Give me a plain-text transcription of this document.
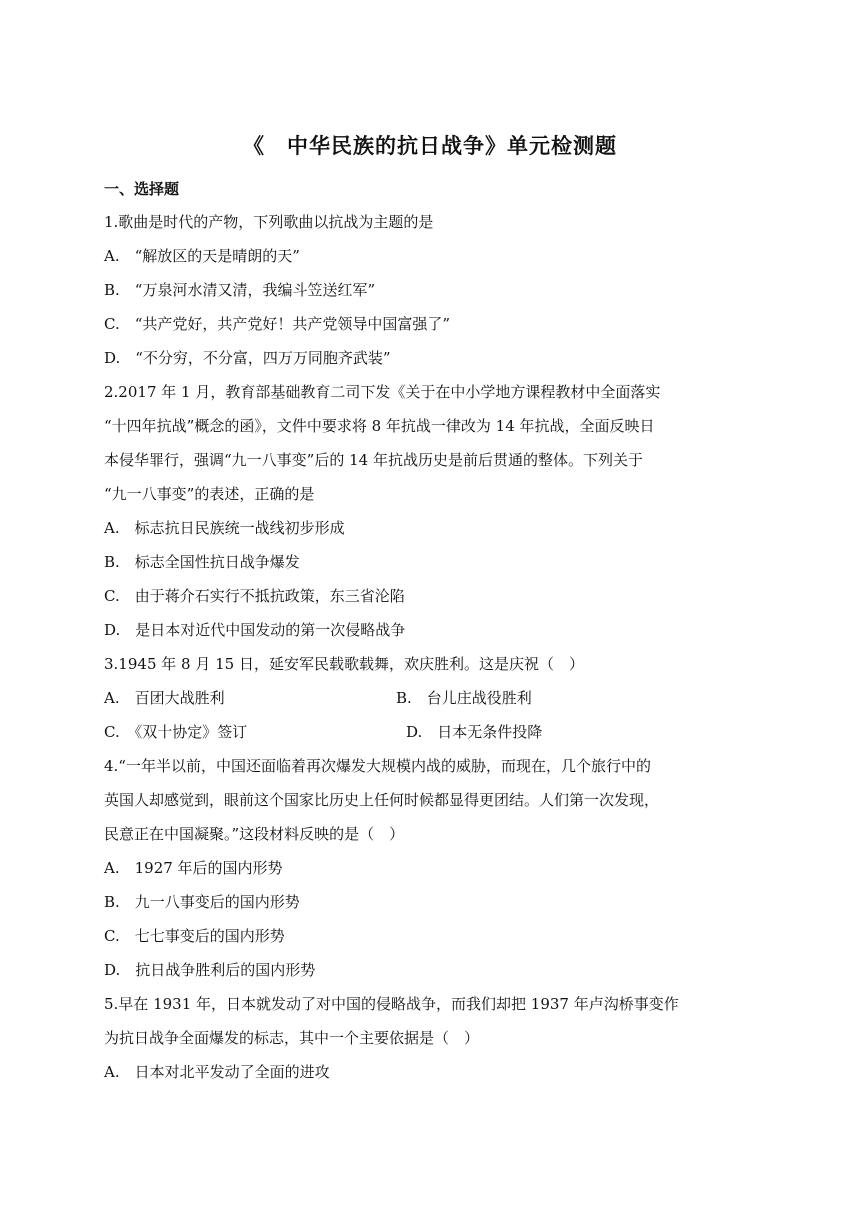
《　中华民族的抗日战争》单元检测题
一、选择题
1.歌曲是时代的产物，下列歌曲以抗战为主题的是
A.　“解放区的天是晴朗的天”
B.　“万泉河水清又清，我编斗笠送红军”
C.　“共产党好，共产党好！共产党领导中国富强了”
D.　“不分穷，不分富，四万万同胞齐武装”
2.2017 年 1 月，教育部基础教育二司下发《关于在中小学地方课程教材中全面落实
“十四年抗战”概念的函》，文件中要求将 8 年抗战一律改为 14 年抗战，全面反映日
本侵华罪行，强调“九一八事变”后的 14 年抗战历史是前后贯通的整体。下列关于
“九一八事变”的表述，正确的是
A.　标志抗日民族统一战线初步形成
B.　标志全国性抗日战争爆发
C.　由于蒋介石实行不抵抗政策，东三省沦陷
D.　是日本对近代中国发动的第一次侵略战争
3.1945 年 8 月 15 日，延安军民载歌载舞，欢庆胜利。这是庆祝（　）
A.　百团大战胜利	B.　台儿庄战役胜利
C.　《双十协定》签订	D.　日本无条件投降
4.“一年半以前，中国还面临着再次爆发大规模内战的威胁，而现在，几个旅行中的
英国人却感觉到，眼前这个国家比历史上任何时候都显得更团结。人们第一次发现，
民意正在中国凝聚。”这段材料反映的是（　）
A.　1927 年后的国内形势
B.　九一八事变后的国内形势
C.　七七事变后的国内形势
D.　抗日战争胜利后的国内形势
5.早在 1931 年，日本就发动了对中国的侵略战争，而我们却把 1937 年卢沟桥事变作
为抗日战争全面爆发的标志，其中一个主要依据是（　）
A.　日本对北平发动了全面的进攻
